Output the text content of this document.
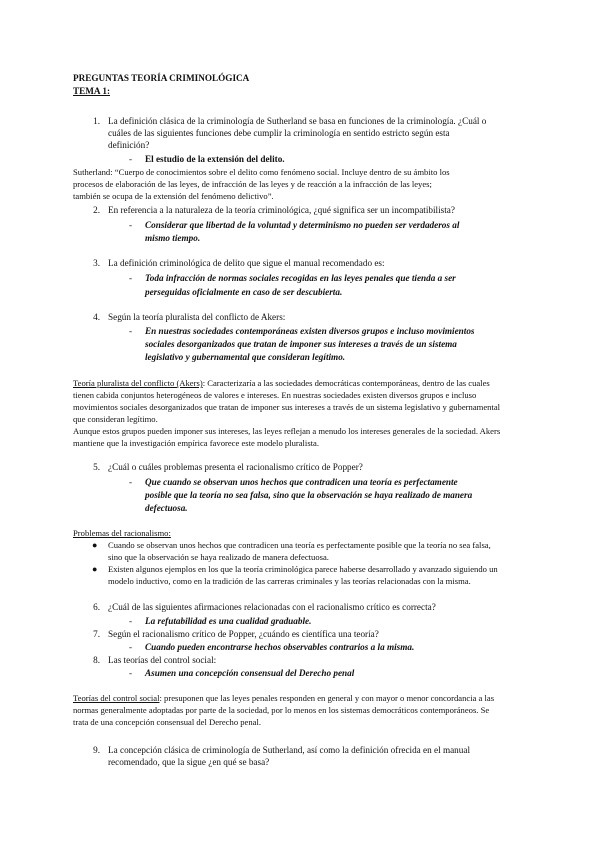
PREGUNTAS TEORÍA CRIMINOLÓGICA
TEMA 1:
1. La definición clásica de la criminología de Sutherland se basa en funciones de la criminología. ¿Cuál o
cuáles de las siguientes funciones debe cumplir la criminología en sentido estricto según esta
definición?
- El estudio de la extensión del delito.
Sutherland: “Cuerpo de conocimientos sobre el delito como fenómeno social. Incluye dentro de su ámbito los
procesos de elaboración de las leyes, de infracción de las leyes y de reacción a la infracción de las leyes;
también se ocupa de la extensión del fenómeno delictivo”.
2. En referencia a la naturaleza de la teoría criminológica, ¿qué significa ser un incompatibilista?
- Considerar que libertad de la voluntad y determinismo no pueden ser verdaderos al
mismo tiempo.
3. La definición criminológica de delito que sigue el manual recomendado es:
- Toda infracción de normas sociales recogidas en las leyes penales que tienda a ser
perseguidas oficialmente en caso de ser descubierta.
4. Según la teoría pluralista del conflicto de Akers:
- En nuestras sociedades contemporáneas existen diversos grupos e incluso movimientos
sociales desorganizados que tratan de imponer sus intereses a través de un sistema
legislativo y gubernamental que consideran legítimo.
Teoría pluralista del conflicto (Akers): Caracterizaría a las sociedades democráticas contemporáneas, dentro de las cuales
tienen cabida conjuntos heterogéneos de valores e intereses. En nuestras sociedades existen diversos grupos e incluso
movimientos sociales desorganizados que tratan de imponer sus intereses a través de un sistema legislativo y gubernamental
que consideran legítimo.
Aunque estos grupos pueden imponer sus intereses, las leyes reflejan a menudo los intereses generales de la sociedad. Akers
mantiene que la investigación empírica favorece este modelo pluralista.
5. ¿Cuál o cuáles problemas presenta el racionalismo crítico de Popper?
- Que cuando se observan unos hechos que contradicen una teoría es perfectamente
posible que la teoría no sea falsa, sino que la observación se haya realizado de manera
defectuosa.
Problemas del racionalismo:
● Cuando se observan unos hechos que contradicen una teoría es perfectamente posible que la teoría no sea falsa,
sino que la observación se haya realizado de manera defectuosa.
● Existen algunos ejemplos en los que la teoría criminológica parece haberse desarrollado y avanzado siguiendo un
modelo inductivo, como en la tradición de las carreras criminales y las teorías relacionadas con la misma.
6. ¿Cuál de las siguientes afirmaciones relacionadas con el racionalismo crítico es correcta?
- La refutabilidad es una cualidad graduable.
7. Según el racionalismo crítico de Popper, ¿cuándo es científica una teoría?
- Cuando pueden encontrarse hechos observables contrarios a la misma.
8. Las teorías del control social:
- Asumen una concepción consensual del Derecho penal
Teorías del control social: presuponen que las leyes penales responden en general y con mayor o menor concordancia a las
normas generalmente adoptadas por parte de la sociedad, por lo menos en los sistemas democráticos contemporáneos. Se
trata de una concepción consensual del Derecho penal.
9. La concepción clásica de criminología de Sutherland, así como la definición ofrecida en el manual
recomendado, que la sigue ¿en qué se basa?
